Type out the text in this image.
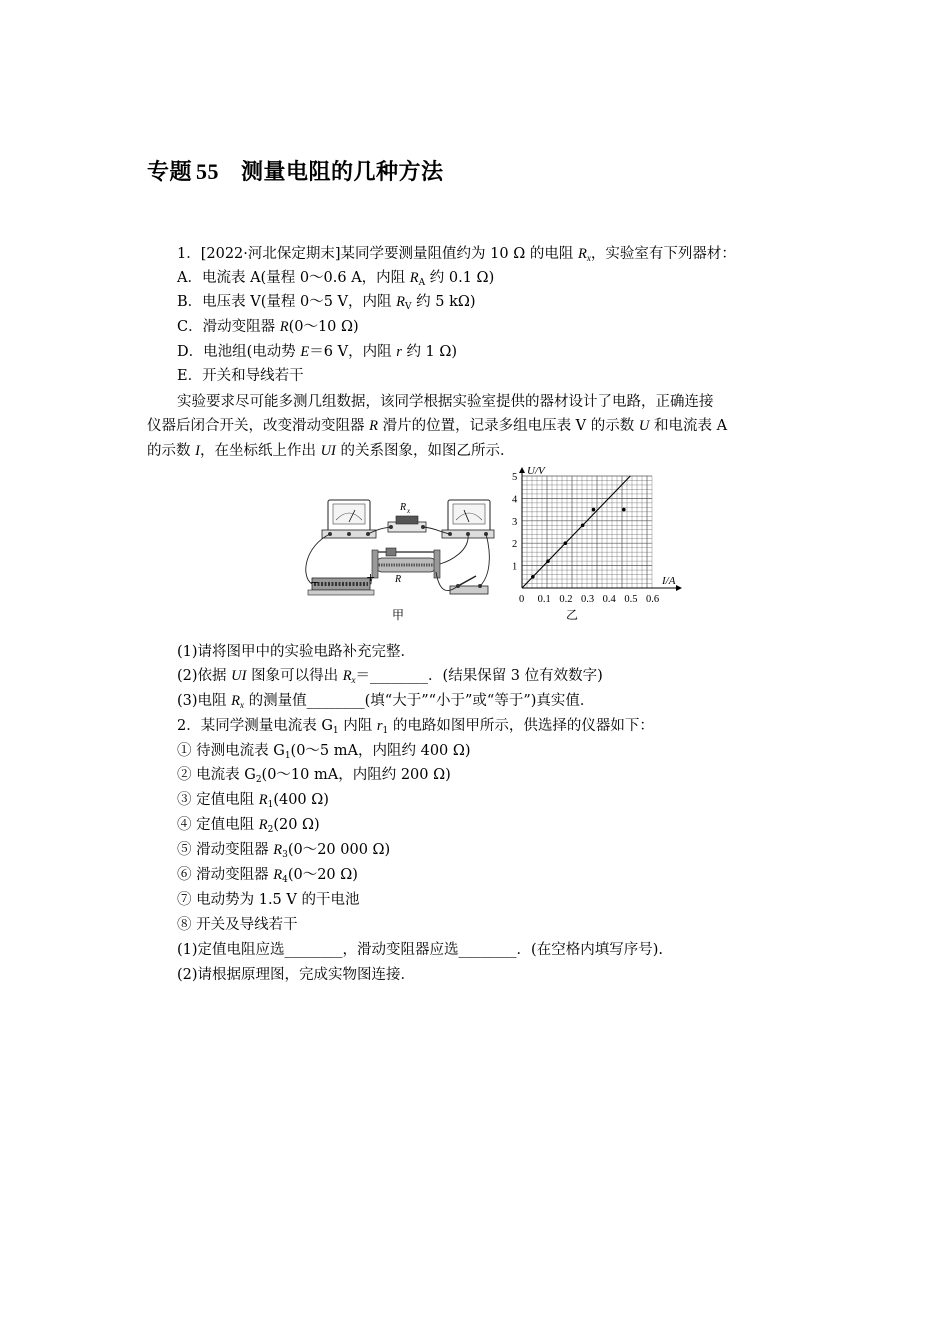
专题 55 测量电阻的几种方法
1．[2022·河北保定期末]某同学要测量阻值约为 10 Ω 的电阻 $R_x$，实验室有下列器材：
A．电流表 A(量程 0～0.6 A，内阻 $R_A$ 约 0.1 Ω)
B．电压表 V(量程 0～5 V，内阻 $R_V$ 约 5 kΩ)
C．滑动变阻器 R(0～10 Ω)
D．电池组(电动势 E＝6 V，内阻 r 约 1 Ω)
E．开关和导线若干
实验要求尽可能多测几组数据，该同学根据实验室提供的器材设计了电路，正确连接
仪器后闭合开关，改变滑动变阻器 R 滑片的位置，记录多组电压表 V 的示数 U 和电流表 A
的示数 I，在坐标纸上作出 UI 的关系图象，如图乙所示．
R x
R
−	+
甲
U/V
I/A
0 0.1 0.2 0.3 0.4 0.5 0.6
1
2
3
4
5
乙
(1)请将图甲中的实验电路补充完整．
(2)依据 UI 图象可以得出 $R_x=\_\_\_\_\_\_\_\_$．(结果保留 3 位有效数字)
(3)电阻 $R_x$ 的测量值________(填“大于”“小于”或“等于”)真实值．
2．某同学测量电流表 $G_1$ 内阻 $r_1$ 的电路如图甲所示，供选择的仪器如下：
① 待测电流表 $G_1(0\sim 5$ mA，内阻约 400 Ω)
② 电流表 $G_2(0\sim 10$ mA，内阻约 200 Ω)
③ 定值电阻 $R_1(400$ Ω)
④ 定值电阻 $R_2(20$ Ω)
⑤ 滑动变阻器 $R_3(0\sim 20$ 000 Ω)
⑥ 滑动变阻器 $R_4(0\sim 20$ Ω)
⑦ 电动势为 1.5 V 的干电池
⑧ 开关及导线若干
(1)定值电阻应选________，滑动变阻器应选________．(在空格内填写序号).
(2)请根据原理图，完成实物图连接．
